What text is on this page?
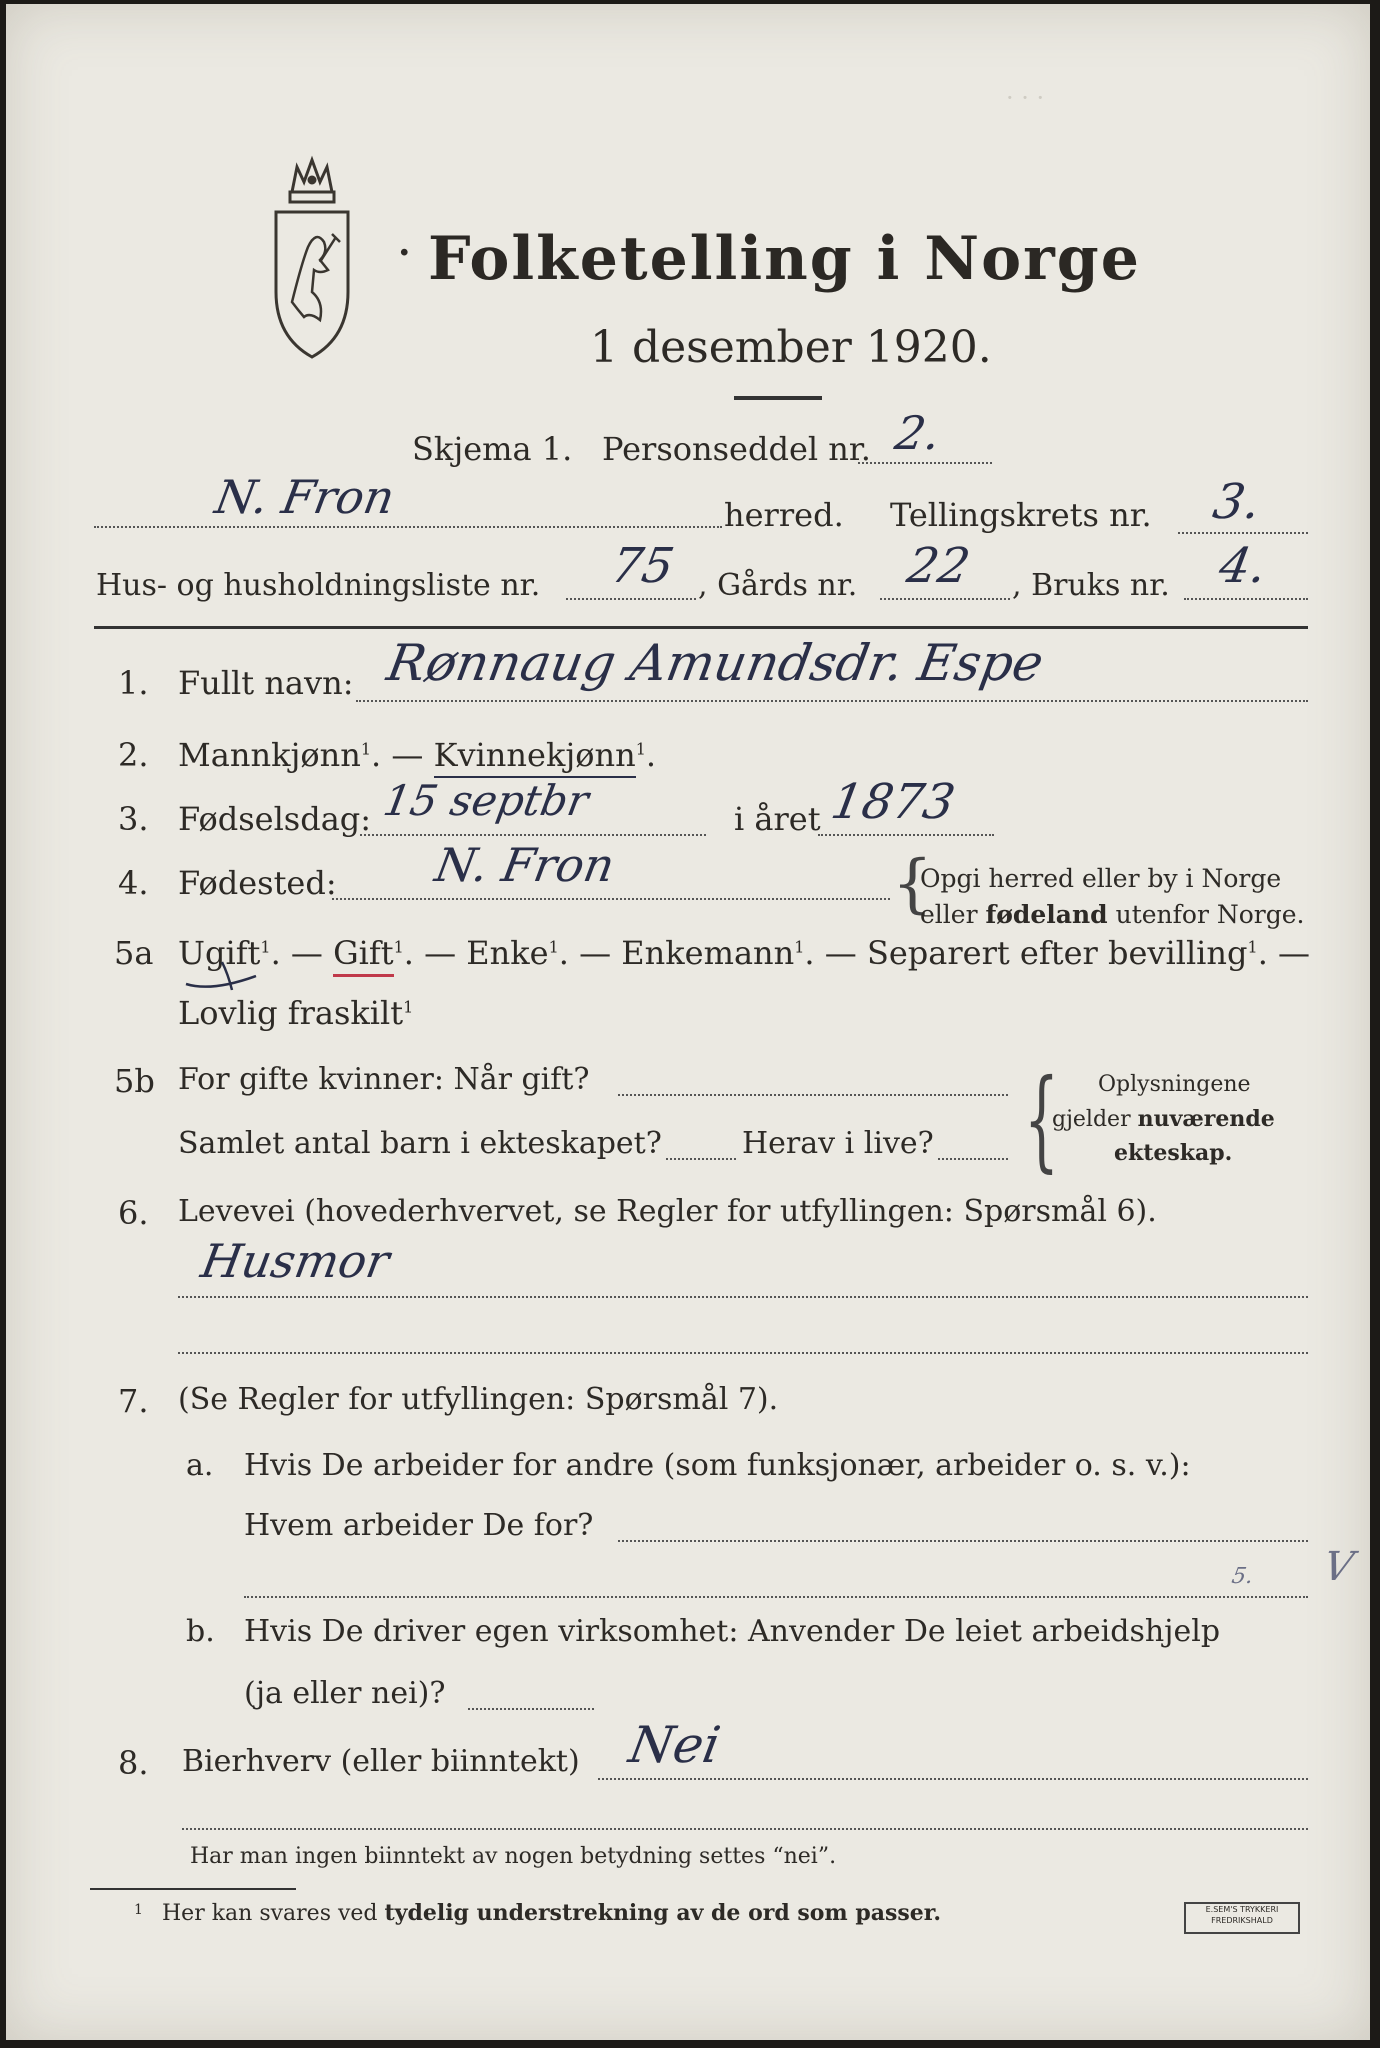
· · ·
. Folketelling i Norge
1 desember 1920.
Skjema 1. Personseddel nr. 2.
N. Fron	herred. Tellingskrets nr. 3.
Hus- og husholdningsliste nr. 75 , Gårds nr. 22 , Bruks nr. 4.
1. Fullt navn: Rønnaug Amundsdr. Espe
2. Mannkjønn$^1$. — Kvinnekjønn$^1$.
3. Fødselsdag: 15 septbr	i året 1873
4. Fødested: N. Fron	{
Opgi herred eller by i Norge
eller fødeland utenfor Norge.
5a Ugift$^1$. — Gift$^1$. — Enke$^1$. — Enkemann$^1$. — Separert efter bevilling$^1$. —
Lovlig fraskilt$^1$
5b For gifte kvinner: Når gift?
Samlet antal barn i ekteskapet?	Herav i live? { Oplysningene
gjelder nuværende
ekteskap.
6. Levevei (hovederhvervet, se Regler for utfyllingen: Spørsmål 6).
Husmor
7. (Se Regler for utfyllingen: Spørsmål 7).
a. Hvis De arbeider for andre (som funksjonær, arbeider o. s. v.):
Hvem arbeider De for?
5. V
b. Hvis De driver egen virksomhet: Anvender De leiet arbeidshjelp
(ja eller nei)?
8. Bierhverv (eller biinntekt) Nei
Har man ingen biinntekt av nogen betydning settes “nei”.
1 Her kan svares ved tydelig understrekning av de ord som passer.	E.SEM'S TRYKKERI
FREDRIKSHALD
